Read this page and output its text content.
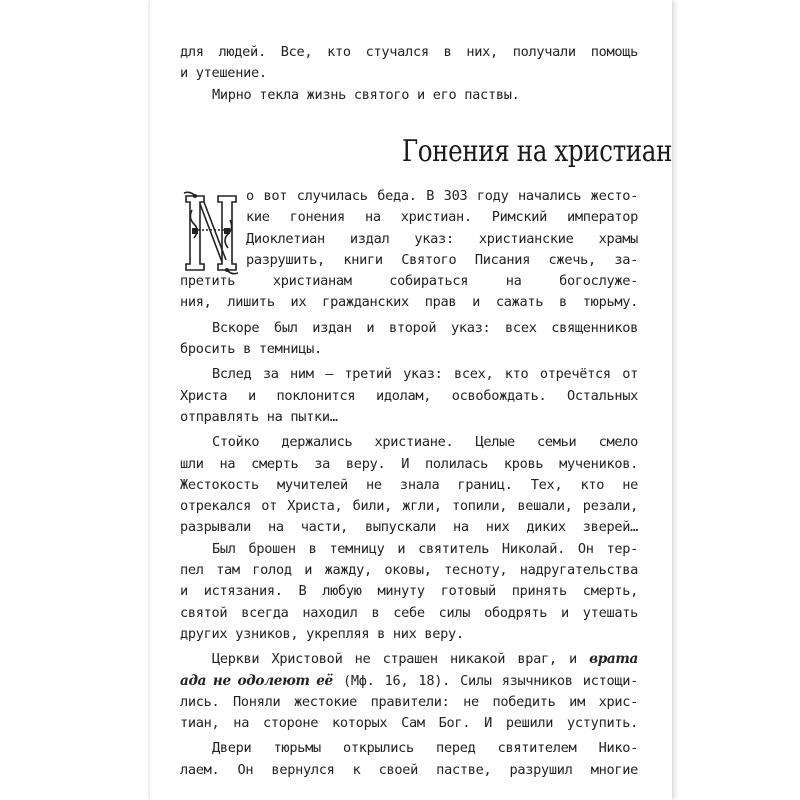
для людей. Все, кто стучался в них, получали помощь
и утешение.
Мирно текла жизнь святого и его паствы.
Гонения на христиан
о вот случилась беда. В 303 году начались жесто-
кие гонения на христиан. Римский император
Диоклетиан издал указ: христианские храмы
разрушить, книги Святого Писания сжечь, за-
претить христианам собираться на богослуже-
ния, лишить их гражданских прав и сажать в тюрьму.
Вскоре был издан и второй указ: всех священников
бросить в темницы.
Вслед за ним – третий указ: всех, кто отречётся от
Христа и поклонится идолам, освобождать. Остальных
отправлять на пытки…
Стойко держались христиане. Целые семьи смело
шли на смерть за веру. И полилась кровь мучеников.
Жестокость мучителей не знала границ. Тех, кто не
отрекался от Христа, били, жгли, топили, вешали, резали,
разрывали на части, выпускали на них диких зверей…
Был брошен в темницу и святитель Николай. Он тер-
пел там голод и жажду, оковы, тесноту, надругательства
и истязания. В любую минуту готовый принять смерть,
святой всегда находил в себе силы ободрять и утешать
других узников, укрепляя в них веру.
Церкви Христовой не страшен никакой враг, и врата
ада не одолеют её (Мф. 16, 18). Силы язычников истощи-
лись. Поняли жестокие правители: не победить им хрис-
тиан, на стороне которых Сам Бог. И решили уступить.
Двери тюрьмы открылись перед святителем Нико-
лаем. Он вернулся к своей пастве, разрушил многие
